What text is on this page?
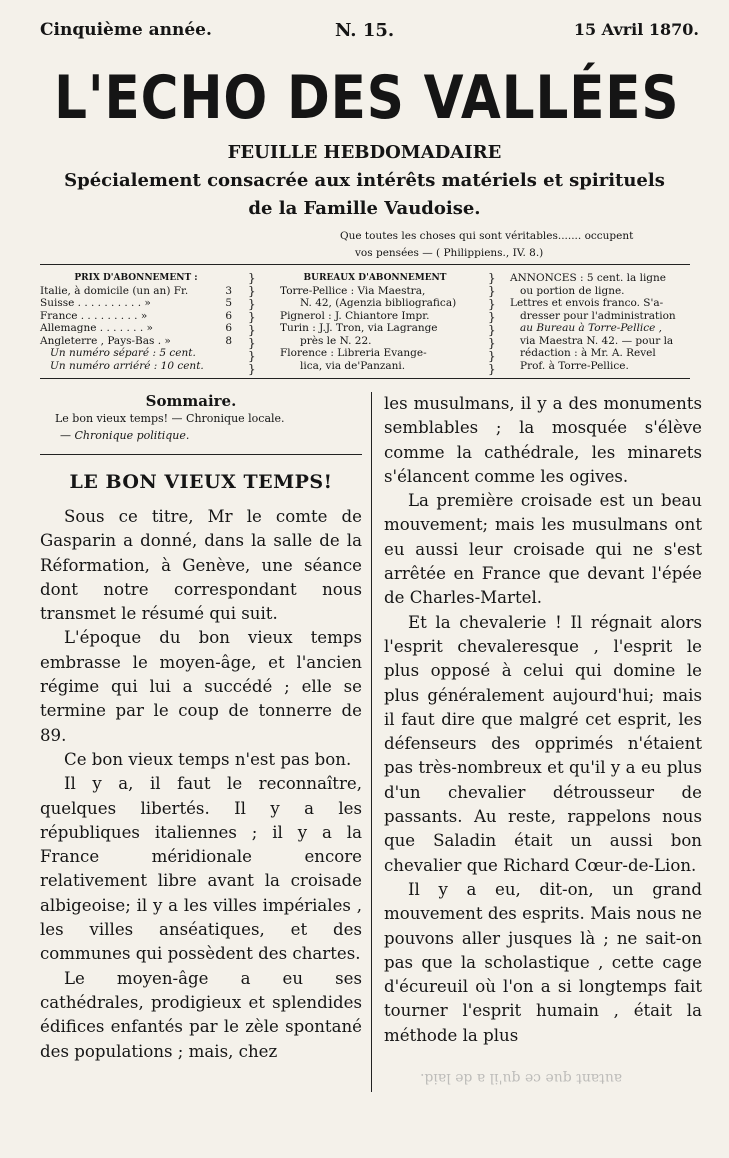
Cinquième année.	N. 15.	15 Avril 1870.
L'ECHO DES VALLÉES
FEUILLE HEBDOMADAIRE
Spécialement consacrée aux intérêts matériels et spirituels
de la Famille Vaudoise.
Que toutes les choses qui sont véritables....... occupent
vos pensées — ( Philippiens., IV. 8.)
PRIX D'ABONNEMENT :
Italie, à domicile (un an) Fr.	3
Suisse . . . . . . . . . . »	5
France . . . . . . . . . »	6
Allemagne . . . . . . . »	6
Angleterre , Pays-Bas . »	8
Un numéro séparé : 5 cent.
Un numéro arriéré : 10 cent.
}
}
}
}
}
}
}
}
BUREAUX D'ABONNEMENT
Torre-Pellice : Via Maestra,
N. 42, (Agenzia bibliografica)
Pignerol : J. Chiantore Impr.
Turin : J.J. Tron, via Lagrange
près le N. 22.
Florence : Libreria Evange-
lica, via de'Panzani.
}
}
}
}
}
}
}
}
ANNONCES : 5 cent. la ligne
ou portion de ligne.
Lettres et envois franco. S'a-
dresser pour l'administration
au Bureau à Torre-Pellice ,
via Maestra N. 42. — pour la
rédaction : à Mr. A. Revel
Prof. à Torre-Pellice.
Sommaire.
Le bon vieux temps! — Chronique locale.
— Chronique politique.
LE BON VIEUX TEMPS!

Sous ce titre, Mr le comte de Gasparin a donné, dans la salle de la Réformation, à Genève, une séance dont notre correspondant nous transmet le résumé qui suit.

L'époque du bon vieux temps embrasse le moyen-âge, et l'ancien régime qui lui a succédé ; elle se termine par le coup de tonnerre de 89.

Ce bon vieux temps n'est pas bon.

Il y a, il faut le reconnaître, quelques libertés. Il y a les républiques italiennes ; il y a la France méridionale encore relativement libre avant la croisade albigeoise; il y a les villes impériales , les villes anséatiques, et des communes qui possèdent des chartes.

Le moyen-âge a eu ses cathédrales, prodigieux et splendides édifices enfantés par le zèle spontané des populations ; mais, chez

les musulmans, il y a des monuments semblables ; la mosquée s'élève comme la cathédrale, les minarets s'élancent comme les ogives.

La première croisade est un beau mouvement; mais les musulmans ont eu aussi leur croisade qui ne s'est arrêtée en France que devant l'épée de Charles-Martel.

Et la chevalerie ! Il régnait alors l'esprit chevaleresque , l'esprit le plus opposé à celui qui domine le plus généralement aujourd'hui; mais il faut dire que malgré cet esprit, les défenseurs des opprimés n'étaient pas très-nombreux et qu'il y a eu plus d'un chevalier détrousseur de passants. Au reste, rappelons nous que Saladin était un aussi bon chevalier que Richard Cœur-de-Lion.

Il y a eu, dit-on, un grand mouvement des esprits. Mais nous ne pouvons aller jusques là ; ne sait-on pas que la scholastique , cette cage d'écureuil où l'on a si longtemps fait tourner l'esprit humain , était la méthode la plus

autant que ce qu'il a de laid.
